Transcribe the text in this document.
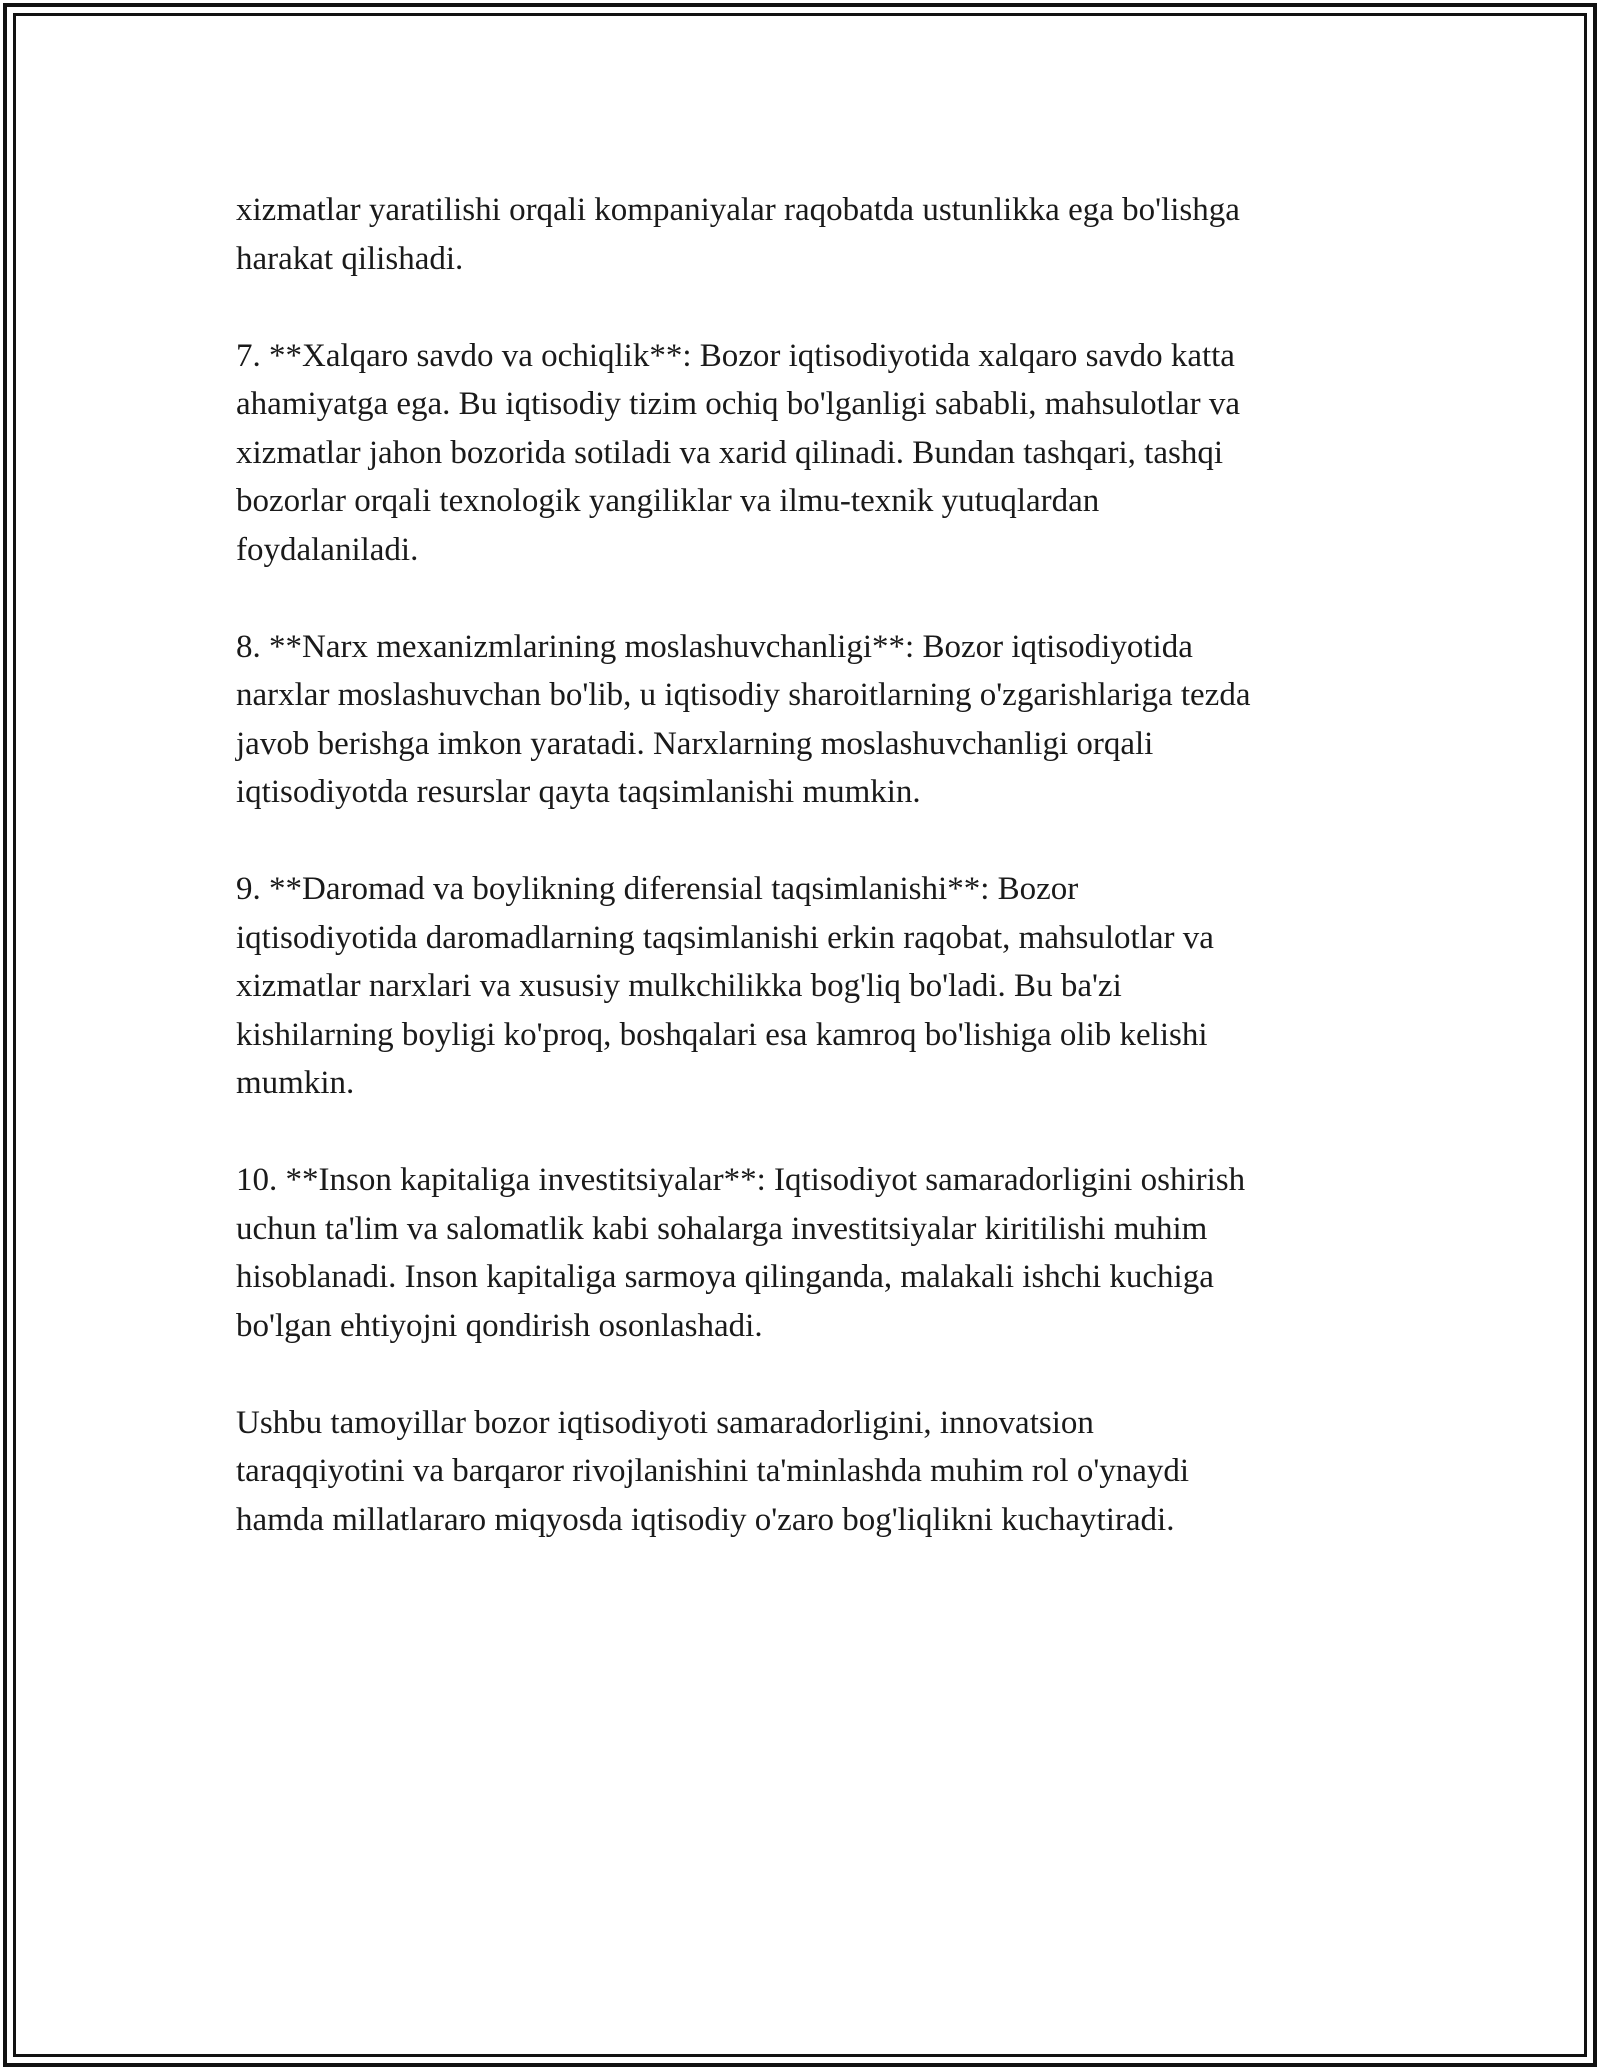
xizmatlar yaratilishi orqali kompaniyalar raqobatda ustunlikka ega bo'lishga
harakat qilishadi.

7. **Xalqaro savdo va ochiqlik**: Bozor iqtisodiyotida xalqaro savdo katta
ahamiyatga ega. Bu iqtisodiy tizim ochiq bo'lganligi sababli, mahsulotlar va
xizmatlar jahon bozorida sotiladi va xarid qilinadi. Bundan tashqari, tashqi
bozorlar orqali texnologik yangiliklar va ilmu-texnik yutuqlardan
foydalaniladi.

8. **Narx mexanizmlarining moslashuvchanligi**: Bozor iqtisodiyotida
narxlar moslashuvchan bo'lib, u iqtisodiy sharoitlarning o'zgarishlariga tezda
javob berishga imkon yaratadi. Narxlarning moslashuvchanligi orqali
iqtisodiyotda resurslar qayta taqsimlanishi mumkin.

9. **Daromad va boylikning diferensial taqsimlanishi**: Bozor
iqtisodiyotida daromadlarning taqsimlanishi erkin raqobat, mahsulotlar va
xizmatlar narxlari va xususiy mulkchilikka bog'liq bo'ladi. Bu ba'zi
kishilarning boyligi ko'proq, boshqalari esa kamroq bo'lishiga olib kelishi
mumkin.

10. **Inson kapitaliga investitsiyalar**: Iqtisodiyot samaradorligini oshirish
uchun ta'lim va salomatlik kabi sohalarga investitsiyalar kiritilishi muhim
hisoblanadi. Inson kapitaliga sarmoya qilinganda, malakali ishchi kuchiga
bo'lgan ehtiyojni qondirish osonlashadi.

Ushbu tamoyillar bozor iqtisodiyoti samaradorligini, innovatsion
taraqqiyotini va barqaror rivojlanishini ta'minlashda muhim rol o'ynaydi
hamda millatlararo miqyosda iqtisodiy o'zaro bog'liqlikni kuchaytiradi.
